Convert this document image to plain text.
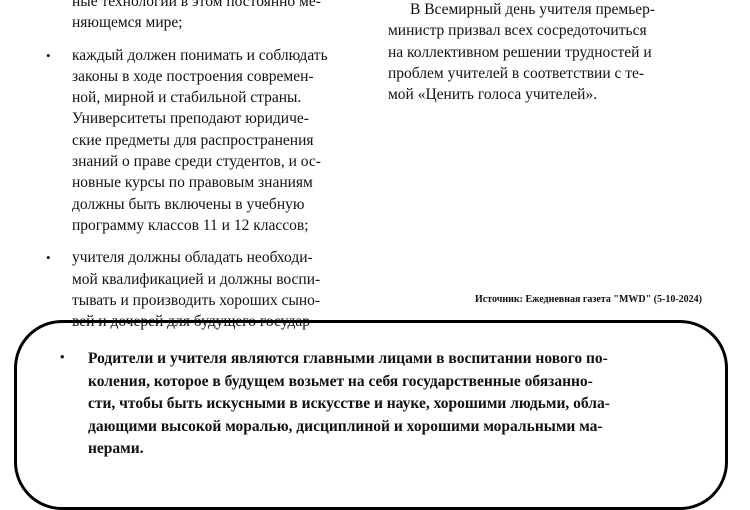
ные технологии в этом постоянно ме-
няющемся мире;
• каждый должен понимать и соблюдать
законы в ходе построения современ-
ной, мирной и стабильной страны.
Университеты преподают юридиче-
ские предметы для распространения
знаний о праве среди студентов, и ос-
новные курсы по правовым знаниям
должны быть включены в учебную
программу классов 11 и 12 классов;
• учителя должны обладать необходи-
мой квалификацией и должны воспи-
тывать и производить хороших сыно-
вей и дочерей для будущего государ-

В Всемирный день учителя премьер-

министр призвал всех сосредоточиться
на коллективном решении трудностей и
проблем учителей в соответствии с те-
мой «Ценить голоса учителей».
Источник: Ежедневная газета "MWD" (5-10-2024)
• Родители и учителя являются главными лицами в воспитании нового по-
коления, которое в будущем возьмет на себя государственные обязанно-
сти, чтобы быть искусными в искусстве и науке, хорошими людьми, обла-
дающими высокой моралью, дисциплиной и хорошими моральными ма-
нерами.
